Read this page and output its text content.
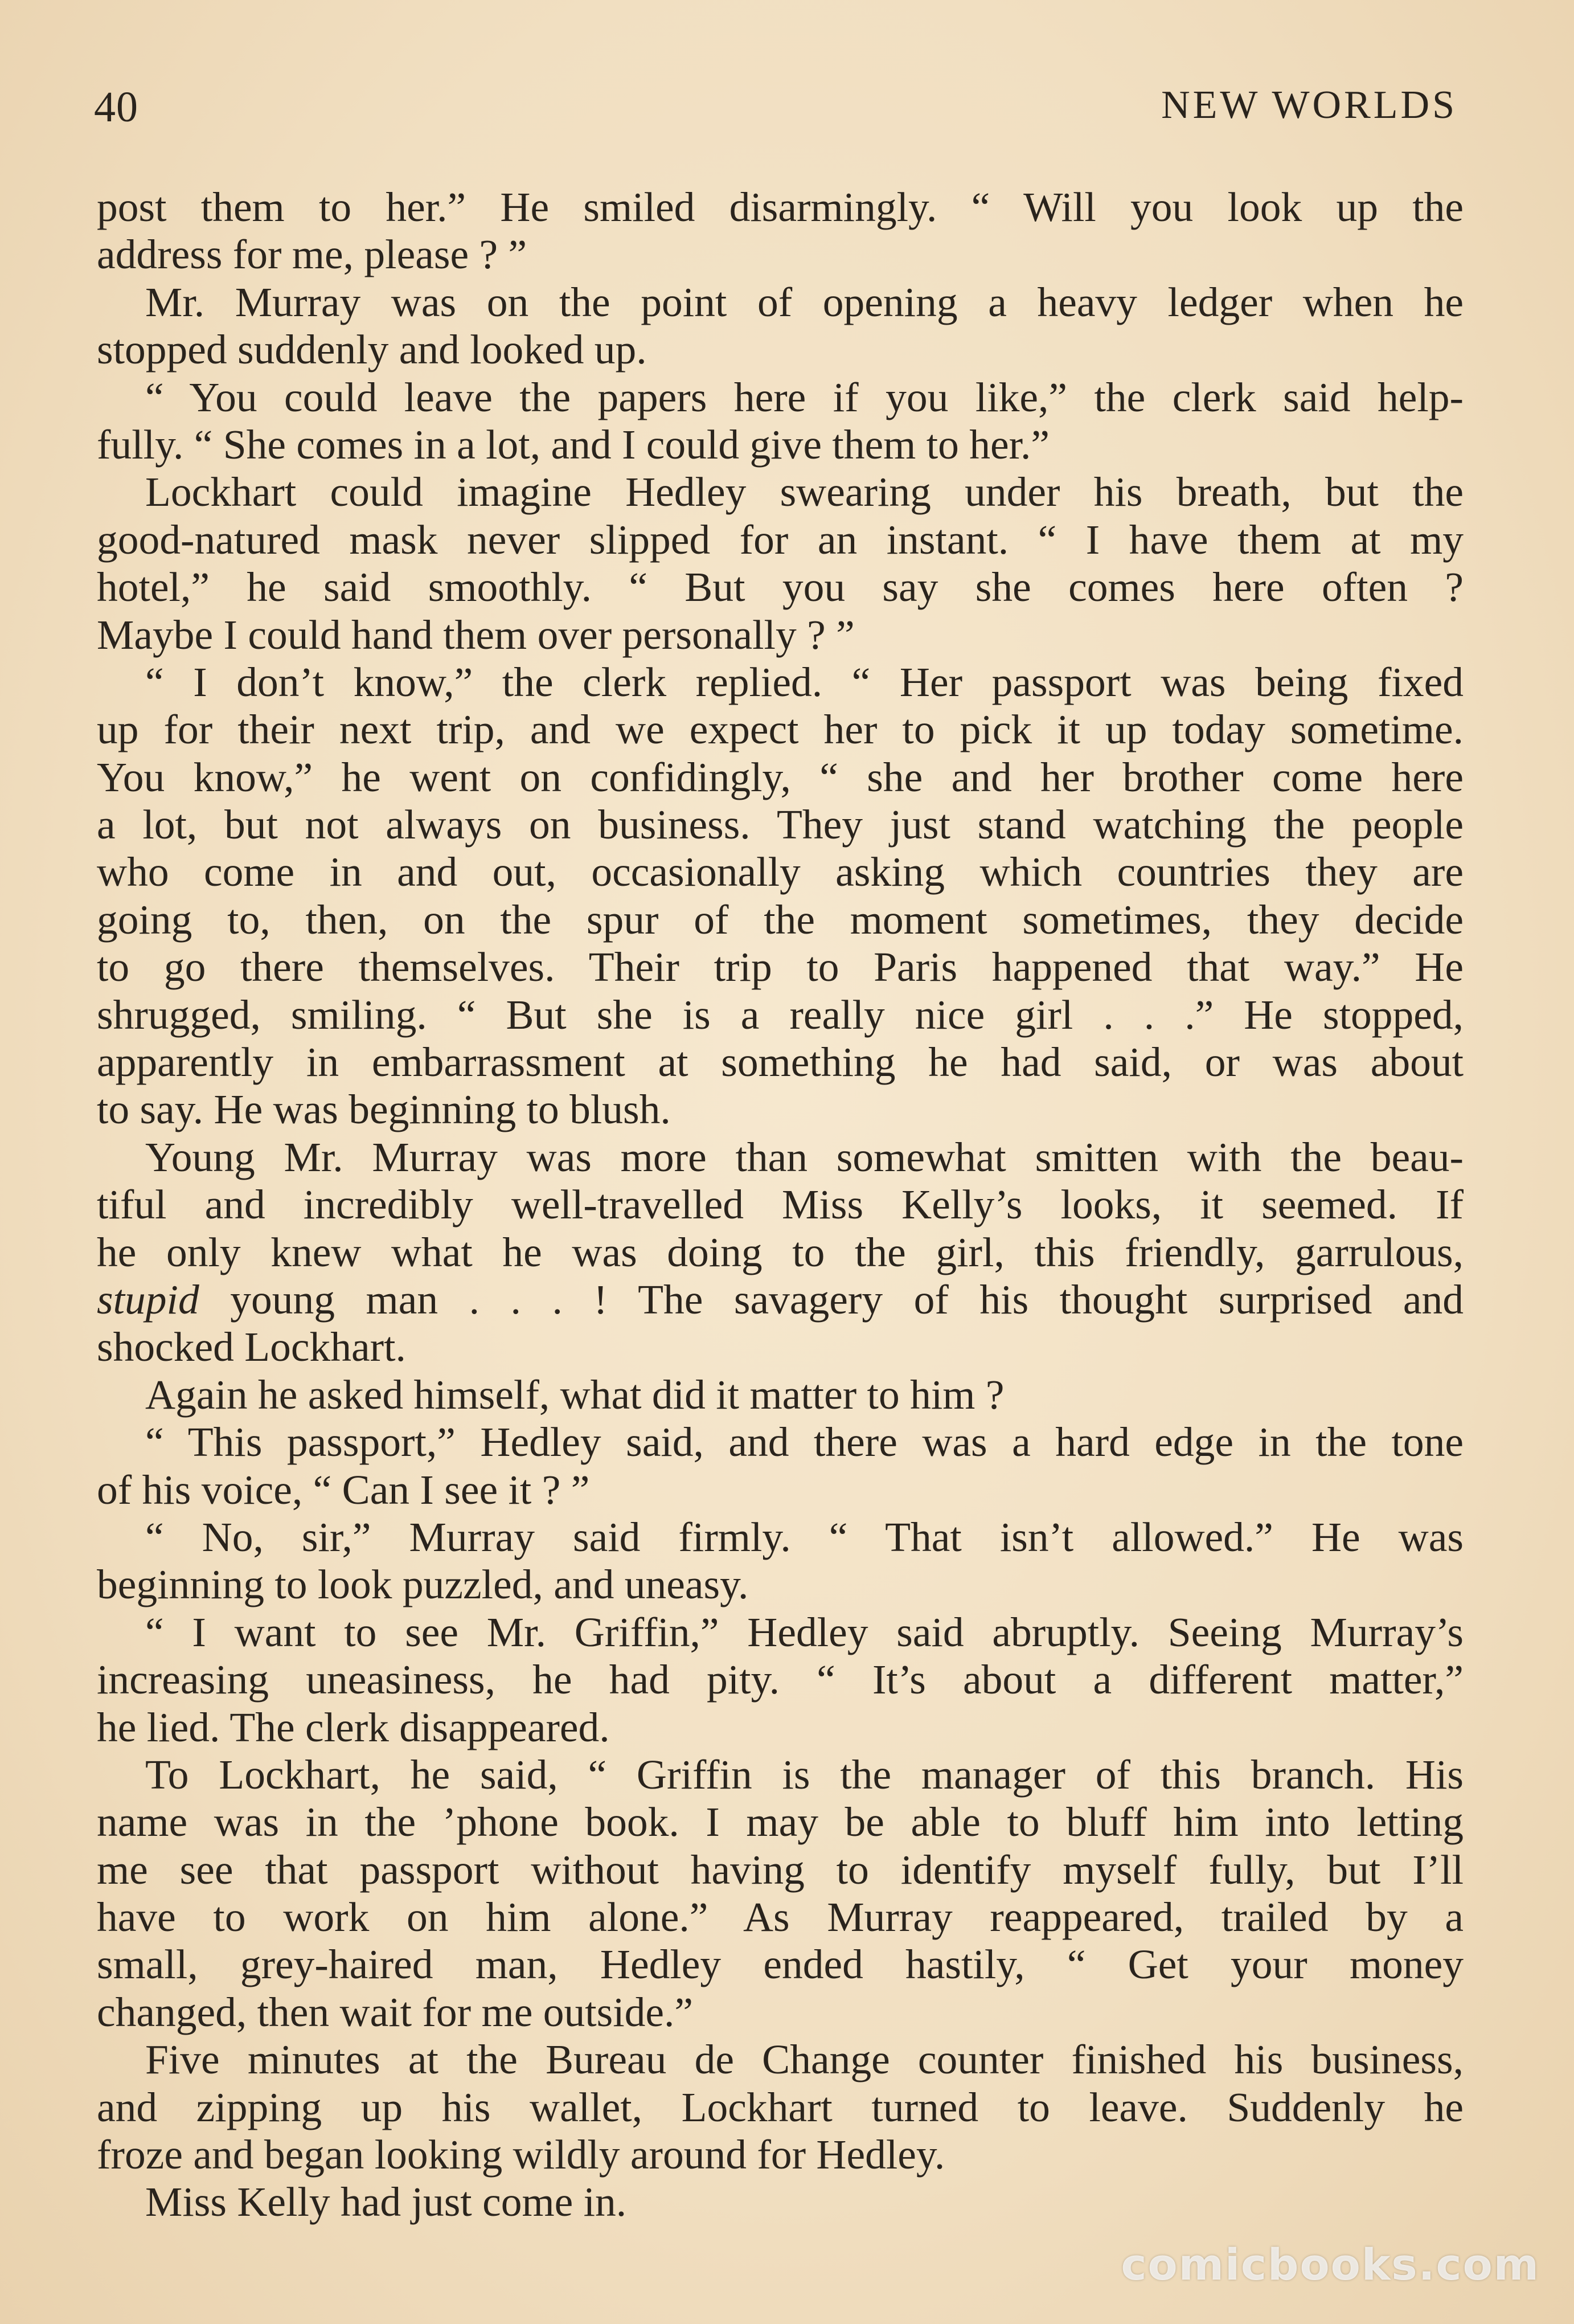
40	NEW WORLDS
post them to her.” He smiled disarmingly. “ Will you look up the
address for me, please ? ”
Mr. Murray was on the point of opening a heavy ledger when he
stopped suddenly and looked up.
“ You could leave the papers here if you like,” the clerk said help-
fully. “ She comes in a lot, and I could give them to her.”
Lockhart could imagine Hedley swearing under his breath, but the
good-natured mask never slipped for an instant. “ I have them at my
hotel,” he said smoothly. “ But you say she comes here often ?
Maybe I could hand them over personally ? ”
“ I don’t know,” the clerk replied. “ Her passport was being fixed
up for their next trip, and we expect her to pick it up today sometime.
You know,” he went on confidingly, “ she and her brother come here
a lot, but not always on business. They just stand watching the people
who come in and out, occasionally asking which countries they are
going to, then, on the spur of the moment sometimes, they decide
to go there themselves. Their trip to Paris happened that way.” He
shrugged, smiling. “ But she is a really nice girl . . .” He stopped,
apparently in embarrassment at something he had said, or was about
to say. He was beginning to blush.
Young Mr. Murray was more than somewhat smitten with the beau-
tiful and incredibly well-travelled Miss Kelly’s looks, it seemed. If
he only knew what he was doing to the girl, this friendly, garrulous,
stupid young man . . . ! The savagery of his thought surprised and
shocked Lockhart.
Again he asked himself, what did it matter to him ?
“ This passport,” Hedley said, and there was a hard edge in the tone
of his voice, “ Can I see it ? ”
“ No, sir,” Murray said firmly. “ That isn’t allowed.” He was
beginning to look puzzled, and uneasy.
“ I want to see Mr. Griffin,” Hedley said abruptly. Seeing Murray’s
increasing uneasiness, he had pity. “ It’s about a different matter,”
he lied. The clerk disappeared.
To Lockhart, he said, “ Griffin is the manager of this branch. His
name was in the ’phone book. I may be able to bluff him into letting
me see that passport without having to identify myself fully, but I’ll
have to work on him alone.” As Murray reappeared, trailed by a
small, grey-haired man, Hedley ended hastily, “ Get your money
changed, then wait for me outside.”
Five minutes at the Bureau de Change counter finished his business,
and zipping up his wallet, Lockhart turned to leave. Suddenly he
froze and began looking wildly around for Hedley.
Miss Kelly had just come in.
comicbooks.com
